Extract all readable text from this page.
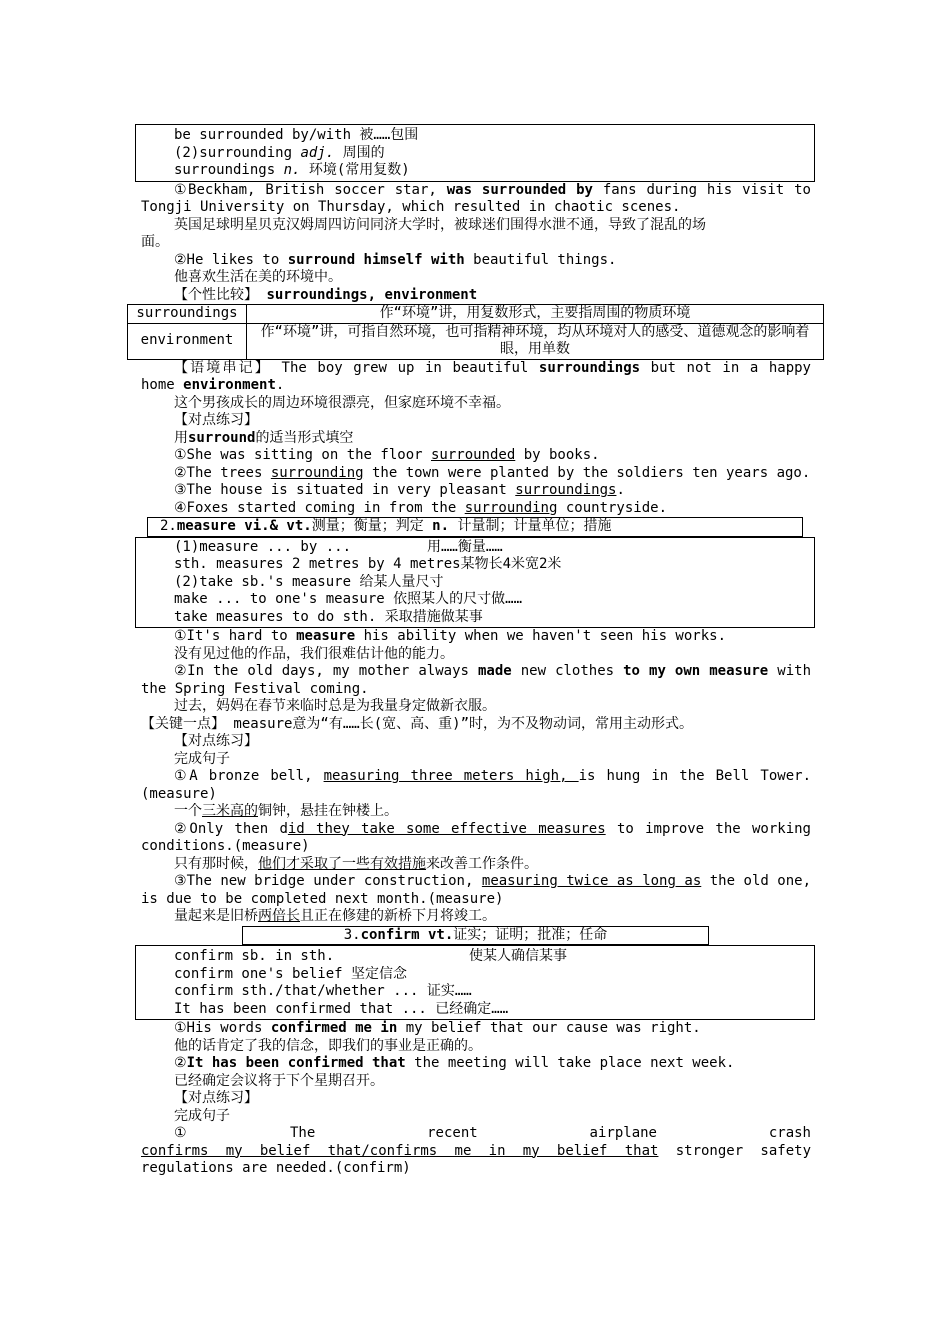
be surrounded by/with 被……包围
(2)surrounding adj. 周围的
surroundings n. 环境(常用复数)
①Beckham, British soccer star, was surrounded by fans during his visit to
Tongji University on Thursday, which resulted in chaotic scenes.
英国足球明星贝克汉姆周四访问同济大学时，被球迷们围得水泄不通，导致了混乱的场
面。
②He likes to surround himself with beautiful things.
他喜欢生活在美的环境中。
【个性比较】 surroundings, environment
surroundings	作“环境”讲，用复数形式，主要指周围的物质环境
environment	作“环境”讲，可指自然环境，也可指精神环境，均从环境对人的感受、道德观念的影响着眼，用单数
【语境串记】 The boy grew up in beautiful surroundings but not in a happy
home environment.
这个男孩成长的周边环境很漂亮，但家庭环境不幸福。
【对点练习】
用surround的适当形式填空
①She was sitting on the floor surrounded by books.
②The trees surrounding the town were planted by the soldiers ten years ago.
③The house is situated in very pleasant surroundings.
④Foxes started coming in from the surrounding countryside.
2.measure vi.& vt.测量；衡量；判定 n. 计量制；计量单位；措施
(1)measure ... by ...	用……衡量……
sth. measures 2 metres by 4 metres某物长4米宽2米
(2)take sb.'s measure 给某人量尺寸
make ... to one's measure 依照某人的尺寸做……
take measures to do sth. 采取措施做某事
①It's hard to measure his ability when we haven't seen his works.
没有见过他的作品，我们很难估计他的能力。
②In the old days, my mother always made new clothes to my own measure with
the Spring Festival coming.
过去，妈妈在春节来临时总是为我量身定做新衣服。
【关键一点】 measure意为“有……长(宽、高、重)”时，为不及物动词，常用主动形式。
【对点练习】
完成句子
①A bronze bell, measuring three meters high, is hung in the Bell Tower.
(measure)
一个三米高的铜钟，悬挂在钟楼上。
②Only then did they take some effective measures to improve the working
conditions.(measure)
只有那时候，他们才采取了一些有效措施来改善工作条件。
③The new bridge under construction, measuring twice as long as the old one,
is due to be completed next month.(measure)
量起来是旧桥两倍长且正在修建的新桥下月将竣工。
3.confirm vt.证实；证明；批准；任命
confirm sb. in sth.	使某人确信某事
confirm one's belief 坚定信念
confirm sth./that/whether ... 证实……
It has been confirmed that ... 已经确定……
①His words confirmed me in my belief that our cause was right.
他的话肯定了我的信念，即我们的事业是正确的。
②It has been confirmed that the meeting will take place next week.
已经确定会议将于下个星期召开。
【对点练习】
完成句子
①The recent airplane crash
confirms my belief that/confirms me in my belief that stronger safety
regulations are needed.(confirm)
